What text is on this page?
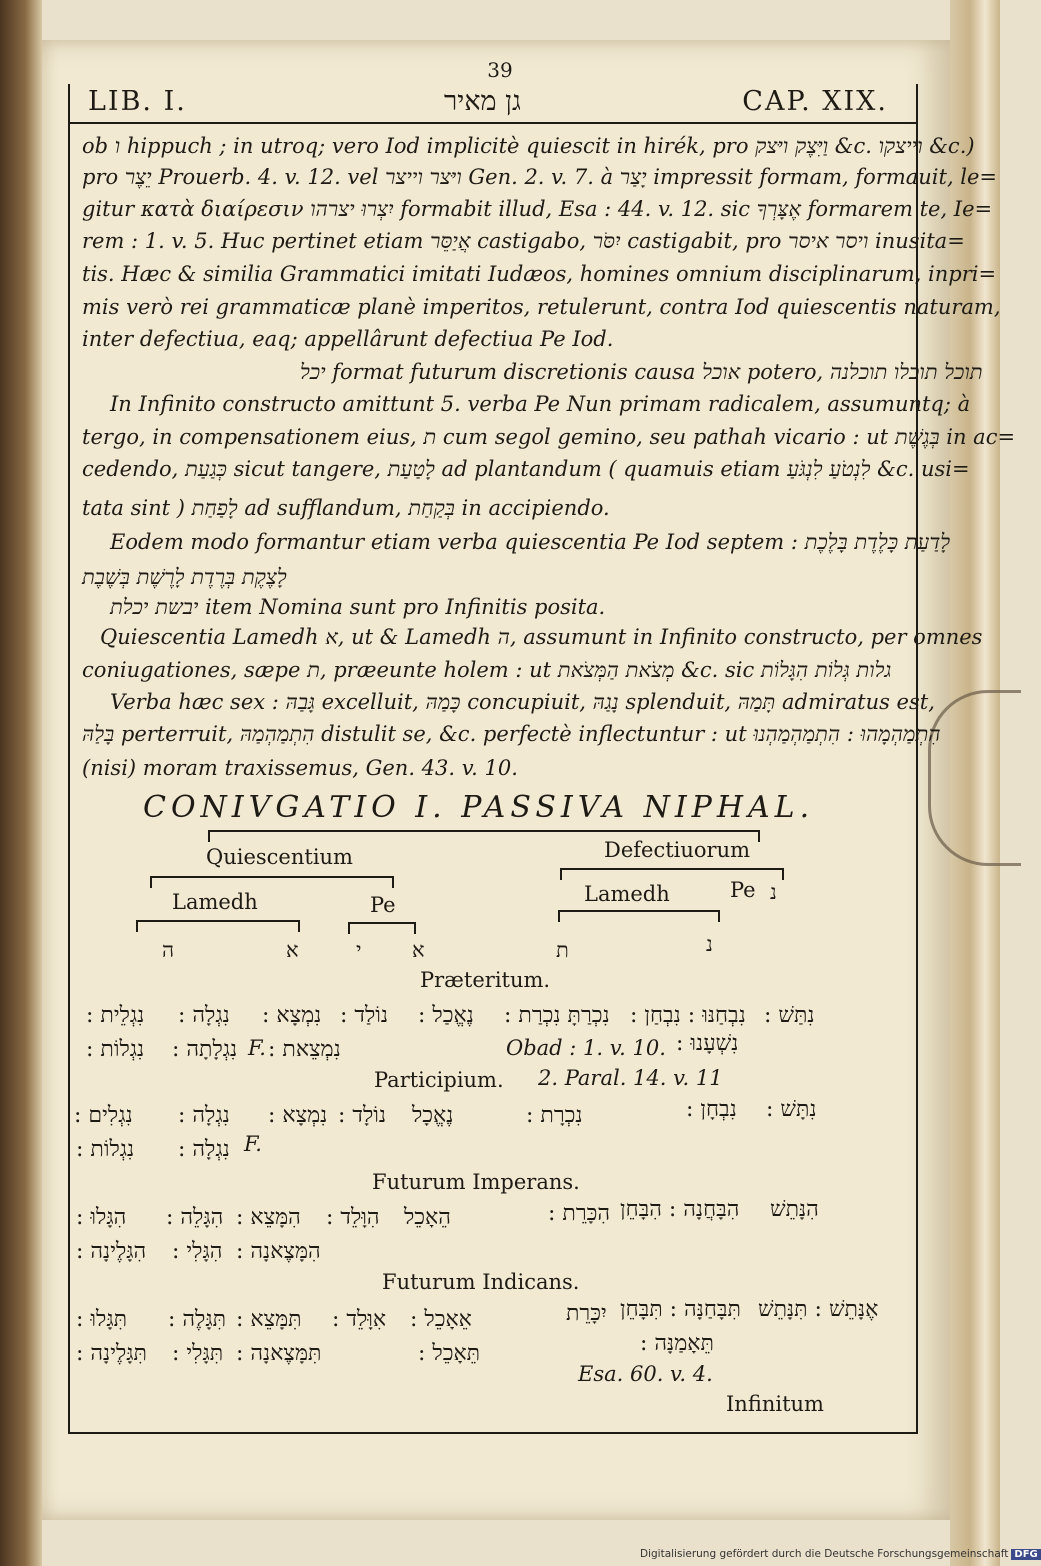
39
LIB. I.	גן מאיר	CAP. XIX.
ob ו hippuch ; in utroq; vero Iod implicitè quiescit in hirék, pro וַיִּצֶק ויּצק &c. וייצקו &c.)
pro יֵצֶר Prouerb. 4. v. 12. vel ויּצר וייצר Gen. 2. v. 7. à יָצַר impressit formam, formauit, le=
gitur κατὰ διαίρεσιν יִצְרוּ יצרהו formabit illud, Esa : 44. v. 12. sic אֶצָּרְךָ formarem te, Ie=
rem : 1. v. 5. Huc pertinet etiam אֲיַסֵּר castigabo, יִסֹּר castigabit, pro ויסר איסר inusita=
tis. Hæc & similia Grammatici imitati Iudæos, homines omnium disciplinarum, inpri=
mis verò rei grammaticæ planè imperitos, retulerunt, contra Iod quiescentis naturam,
inter defectiua, eaq; appellârunt defectiua Pe Iod.
יכל format futurum discretionis causa אוכל potero, תוכל תוכלו תוכלנה
In Infinito constructo amittunt 5. verba Pe Nun primam radicalem, assumuntq; à
tergo, in compensationem eius, ת cum segol gemino, seu pathah vicario : ut בְּגֶשֶׁת in ac=
cedendo, כְּגַעַת sicut tangere, לָטַעַת ad plantandum ( quamuis etiam לִנְטֹעַ לִנְגֹּעַ &c. usi=
tata sint ) לָפַחַת ad sufflandum, בְּקַחַת in accipiendo.
Eodem modo formantur etiam verba quiescentia Pe Iod septem : לָדַעַת כָּלֶדֶת בָּלֶכֶת
לָצֶקֶת בְּרֶדֶת לָרֶשֶׁת בְּשֶׁבֶת
יבשת יכלת item Nomina sunt pro Infinitis posita.
Quiescentia Lamedh א, ut & Lamedh ה, assumunt in Infinito constructo, per omnes
coniugationes, sæpe ת, præeunte holem : ut מְצֹאת הַמְּצֹאת &c. sic גלות גְּלוֹת הִגָּלוֹת
Verba hæc sex : גָּבַהּ excelluit, כָּמַהּ concupiuit, נָגַהּ splenduit, תָּמַהּ admiratus est,
בָּלַהּ perterruit, הִתְמַהְמַהּ distulit se, &c. perfectè inflectuntur : ut הִתְמַהְמָהוּ : הִתְמַהְמַהְנוּ
(nisi) moram traxissemus, Gen. 43. v. 10.
CONIVGATIO I. PASSIVA NIPHAL.
Quiescentium	Defectiuorum
Lamedh	Pe	Lamedh	Pe נ
ה	א	י א	ת	נ
Præteritum.
נִגְלֵית : נִגְלָה : נִמְצָא : נוֹלַד : נֶאֱכַל : נִכְרַתָּ נִכְרַת : נִבְחַנּוּ : נִבְחַן : נִתַּשׁ :
נִגְלוֹת : נִגְלָתָה : F. נִמְצֵאת :	Obad : 1. v. 10. נִשְׁעָנוּ :
Participium. 2. Paral. 14. v. 11
נִגְלִים : נִגְלָה : נִמְצָא : נוֹלָד : נֶאֱכָל	נִכְרָת :	נִבְחָן : נִתָּשׁ :
נִגְלוֹת : נִגְלָה : F.
Futurum Imperans.
הִגָּלוּ : הִגָּלֵה : הִמָּצֵא : הִוָּלֵד : הֵאָכֵל	הִכָּרֵת : הִבָּחֲנָה : הִבָּחֵן הִנָּתֵשׁ
הִגָּלֶינָה : הִגָּלִי : הִמָּצֶאנָה :
Futurum Indicans.
תִּגָּלוּ : תִּגָּלֶה : תִּמָּצֵא : אִוָּלֵד : אֵאָכֵל :	יִכָּרֵת תִּבָּחַנָּה : תִּבָּחֵן אֶנָּתֵשׁ : תִּנָּתֵשׁ
תִּגָּלֶינָה : תִּגָּלִי : תִּמָּצֶאנָה :	תֵּאָכֵל :	תֵּאָמַנָּה :
Esa. 60. v. 4.
Infinitum
Digitalisierung gefördert durch die Deutsche Forschungsgemeinschaft DFG
